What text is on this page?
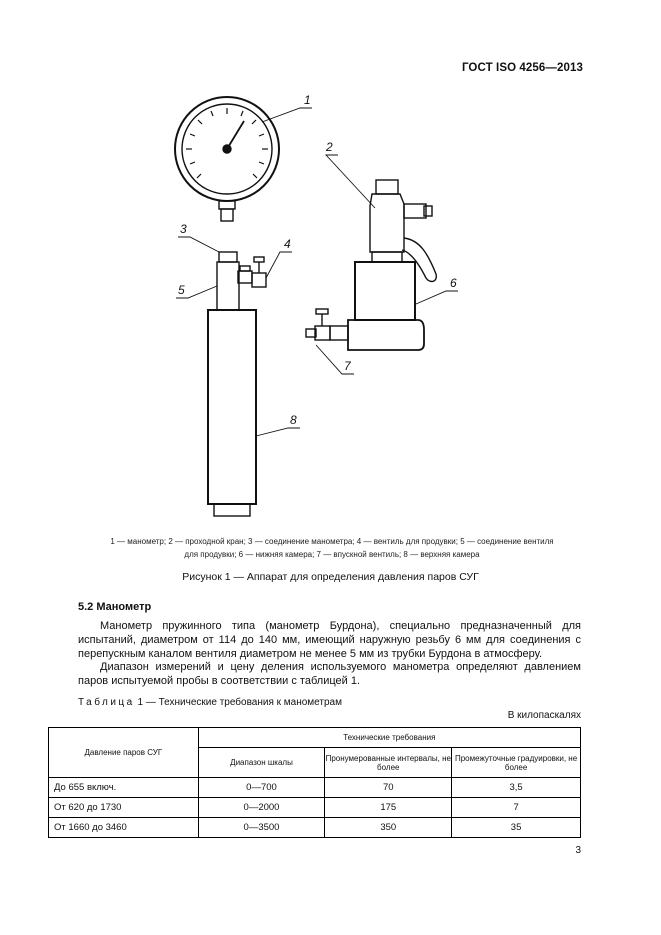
ГОСТ ISO 4256—2013
1
2
3
4
5	6
7
8
1 — манометр; 2 — проходной кран; 3 — соединение манометра; 4 — вентиль для продувки; 5 — соединение вентиля
для продувки; 6 — нижняя камера; 7 — впускной вентиль; 8 — верхняя камера
Рисунок 1 — Аппарат для определения давления паров СУГ
5.2 Манометр
Манометр пружинного типа (манометр Бурдона), специально предназначенный для испытаний, диаметром от 114 до 140 мм, имеющий наружную резьбу 6 мм для соединения с перепускным каналом вентиля диаметром не менее 5 мм из трубки Бурдона в атмосферу.
Диапазон измерений и цену деления используемого манометра определяют давлением паров испытуемой пробы в соответствии с таблицей 1.
Таблица 1 — Технические требования к манометрам
В килопаскалях
Давление паров СУГ	Технические требования		
	Диапазон шкалы	Пронумерованные интервалы, не более	Промежуточные градуировки, не более
До 655 включ.	0—700	70	3,5
От 620 до 1730	0—2000	175	7
От 1660 до 3460	0—3500	350	35
3
